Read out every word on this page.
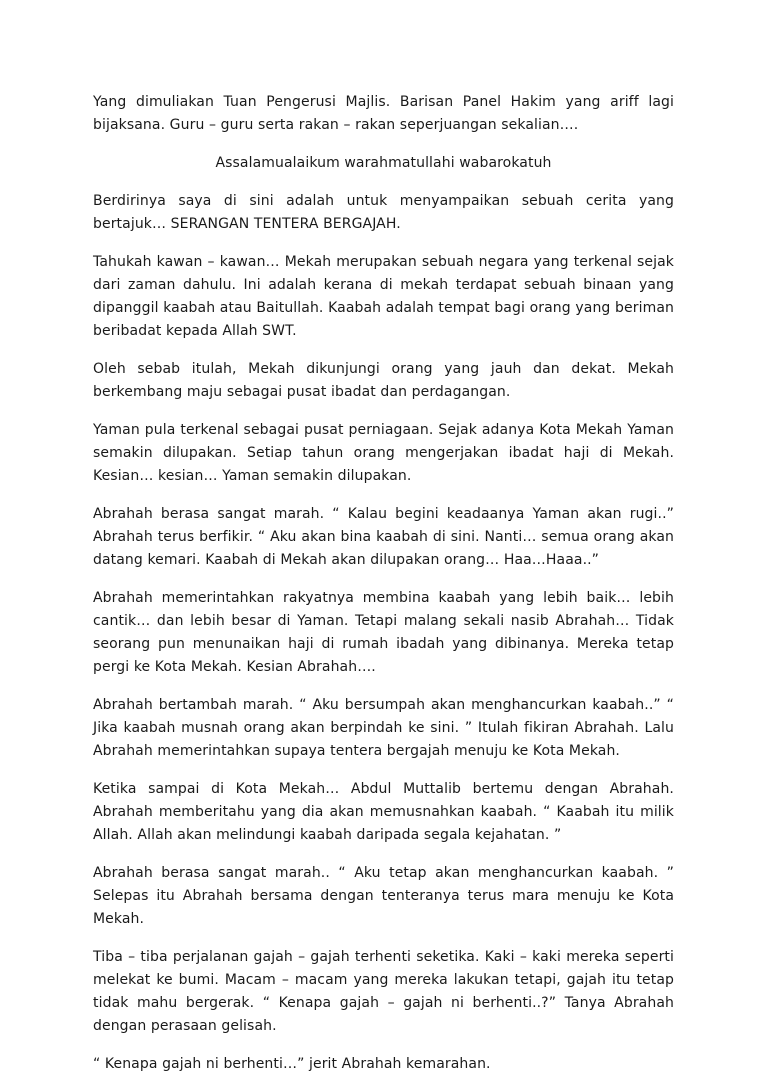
Yang dimuliakan Tuan Pengerusi Majlis. Barisan Panel Hakim yang ariff lagi bijaksana. Guru – guru serta rakan – rakan seperjuangan sekalian….

Assalamualaikum warahmatullahi wabarokatuh

Berdirinya saya di sini adalah untuk menyampaikan sebuah cerita yang bertajuk… SERANGAN TENTERA BERGAJAH.

Tahukah kawan – kawan… Mekah merupakan sebuah negara yang terkenal sejak dari zaman dahulu. Ini adalah kerana di mekah terdapat sebuah binaan yang dipanggil kaabah atau Baitullah. Kaabah adalah tempat bagi orang yang beriman beribadat kepada Allah SWT.

Oleh sebab itulah, Mekah dikunjungi orang yang jauh dan dekat. Mekah berkembang maju sebagai pusat ibadat dan perdagangan.

Yaman pula terkenal sebagai pusat perniagaan. Sejak adanya Kota Mekah Yaman semakin dilupakan. Setiap tahun orang mengerjakan ibadat haji di Mekah. Kesian… kesian… Yaman semakin dilupakan.

Abrahah berasa sangat marah. “ Kalau begini keadaanya Yaman akan rugi..” Abrahah terus berfikir. “ Aku akan bina kaabah di sini. Nanti… semua orang akan datang kemari. Kaabah di Mekah akan dilupakan orang… Haa…Haaa..”

Abrahah memerintahkan rakyatnya membina kaabah yang lebih baik… lebih cantik… dan lebih besar di Yaman. Tetapi malang sekali nasib Abrahah… Tidak seorang pun menunaikan haji di rumah ibadah yang dibinanya. Mereka tetap pergi ke Kota Mekah. Kesian Abrahah….

Abrahah bertambah marah. “ Aku bersumpah akan menghancurkan kaabah..” “ Jika kaabah musnah orang akan berpindah ke sini. ” Itulah fikiran Abrahah. Lalu Abrahah memerintahkan supaya tentera bergajah menuju ke Kota Mekah.

Ketika sampai di Kota Mekah… Abdul Muttalib bertemu dengan Abrahah. Abrahah memberitahu yang dia akan memusnahkan kaabah. “ Kaabah itu milik Allah. Allah akan melindungi kaabah daripada segala kejahatan. ”

Abrahah berasa sangat marah.. “ Aku tetap akan menghancurkan kaabah. ” Selepas itu Abrahah bersama dengan tenteranya terus mara menuju ke Kota Mekah.

Tiba – tiba perjalanan gajah – gajah terhenti seketika. Kaki – kaki mereka seperti melekat ke bumi. Macam – macam yang mereka lakukan tetapi, gajah itu tetap tidak mahu bergerak. “ Kenapa gajah – gajah ni berhenti..?” Tanya Abrahah dengan perasaan gelisah.

“ Kenapa gajah ni berhenti…” jerit Abrahah kemarahan.
